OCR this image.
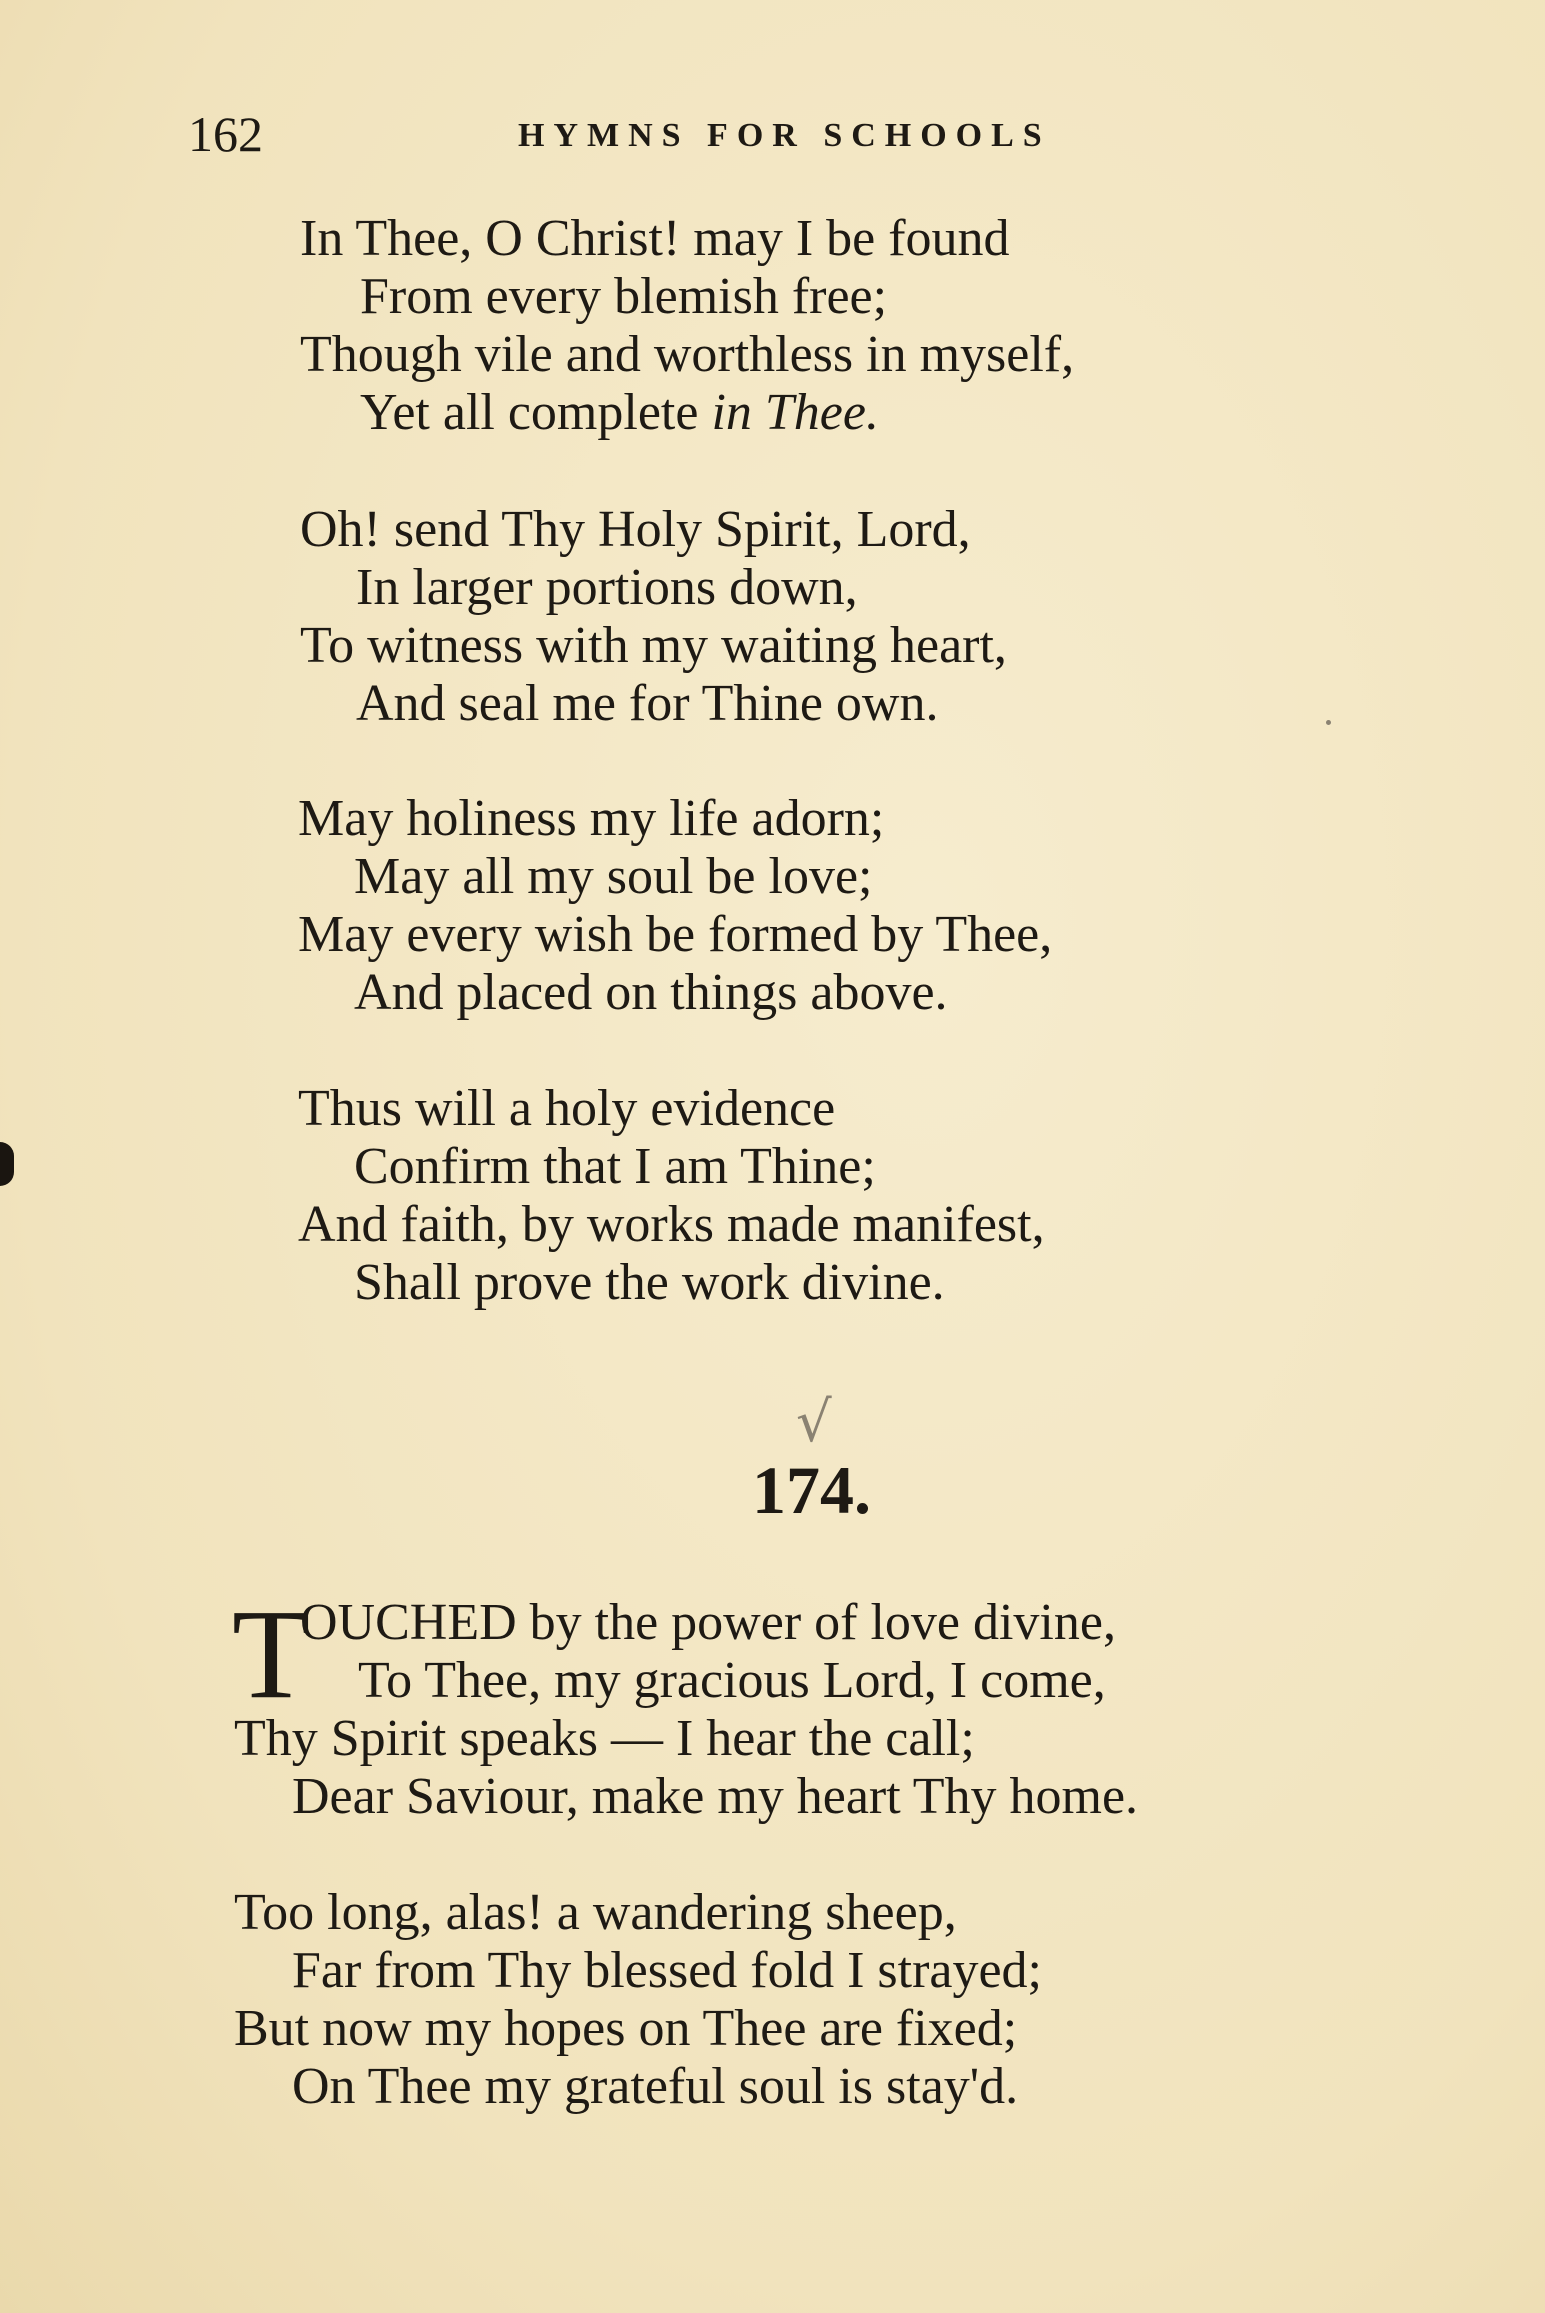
162	HYMNS FOR SCHOOLS
In Thee, O Christ! may I be found
From every blemish free;
Though vile and worthless in myself,
Yet all complete in Thee.
Oh! send Thy Holy Spirit, Lord,
In larger portions down,
To witness with my waiting heart,
And seal me for Thine own.
May holiness my life adorn;
May all my soul be love;
May every wish be formed by Thee,
And placed on things above.
Thus will a holy evidence
Confirm that I am Thine;
And faith, by works made manifest,
Shall prove the work divine.
√
174.
T
OUCHED by the power of love divine,
To Thee, my gracious Lord, I come,
Thy Spirit speaks — I hear the call;
Dear Saviour, make my heart Thy home.
Too long, alas! a wandering sheep,
Far from Thy blessed fold I strayed;
But now my hopes on Thee are fixed;
On Thee my grateful soul is stay'd.
